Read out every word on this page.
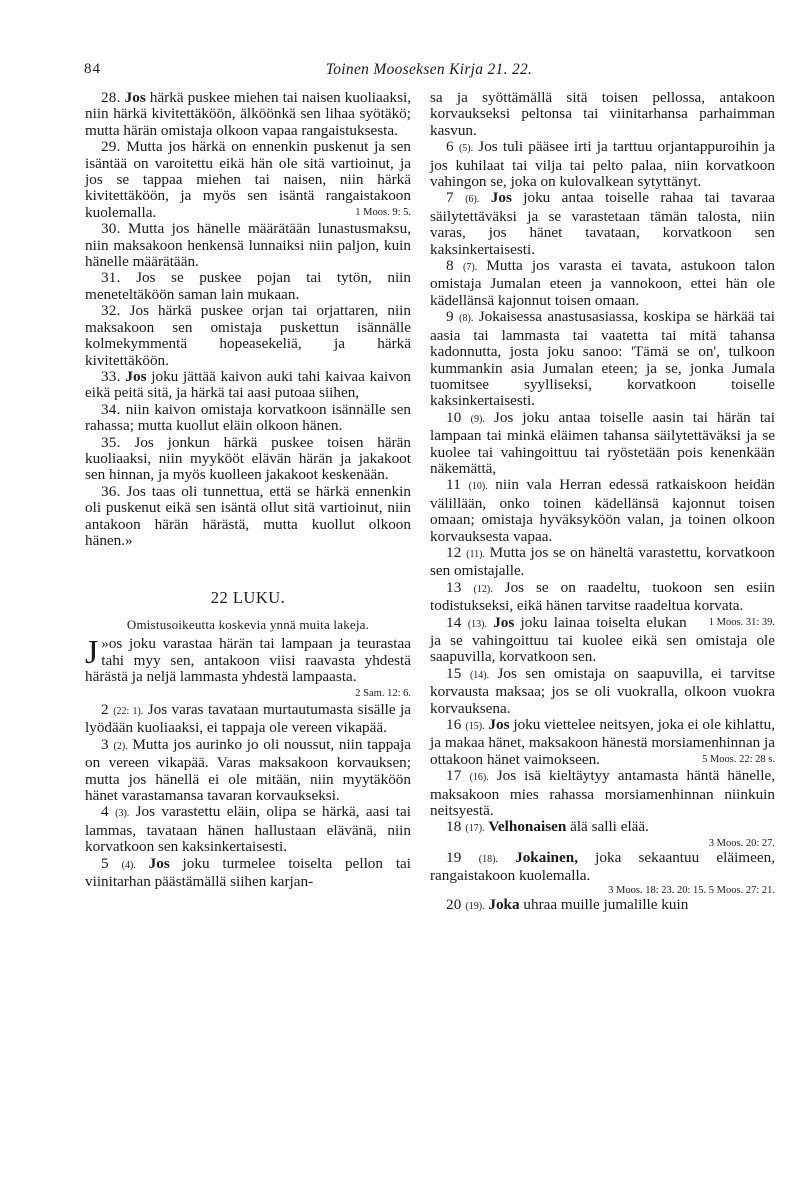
84	Toinen Mooseksen Kirja 21. 22.

28. Jos härkä puskee miehen tai naisen kuoliaaksi, niin härkä kivitettäköön, älköönkä sen lihaa syötäkö; mutta härän omistaja olkoon vapaa rangaistuksesta.

29. Mutta jos härkä on ennenkin puskenut ja sen isäntää on varoitettu eikä hän ole sitä vartioinut, ja jos se tappaa miehen tai naisen, niin härkä kivitettäköön, ja myös sen isäntä rangaistakoon kuolemalla.	1 Moos. 9: 5.

30. Mutta jos hänelle määrätään lunastusmaksu, niin maksakoon henkensä lunnaiksi niin paljon, kuin hänelle määrätään.

31. Jos se puskee pojan tai tytön, niin meneteltäköön saman lain mukaan.

32. Jos härkä puskee orjan tai orjattaren, niin maksakoon sen omistaja puskettun isännälle kolmekymmentä hopeasekeliä, ja härkä kivitettäköön.

33. Jos joku jättää kaivon auki tahi kaivaa kaivon eikä peitä sitä, ja härkä tai aasi putoaa siihen,

34. niin kaivon omistaja korvatkoon isännälle sen rahassa; mutta kuollut eläin olkoon hänen.

35. Jos jonkun härkä puskee toisen härän kuoliaaksi, niin myykööt elävän härän ja jakakoot sen hinnan, ja myös kuolleen jakakoot keskenään.

36. Jos taas oli tunnettua, että se härkä ennenkin oli puskenut eikä sen isäntä ollut sitä vartioinut, niin antakoon härän härästä, mutta kuollut olkoon hänen.»

22 LUKU.
Omistusoikeutta koskevia ynnä muita lakeja.

»
J os joku varastaa härän tai lampaan ja teurastaa tahi myy sen, antakoon viisi raavasta yhdestä härästä ja neljä lammasta yhdestä lampaasta.
2 Sam. 12: 6.

2 (22: 1). Jos varas tavataan murtautumasta sisälle ja lyödään kuoliaaksi, ei tappaja ole vereen vikapää.

3 (2). Mutta jos aurinko jo oli noussut, niin tappaja on vereen vikapää. Varas maksakoon korvauksen; mutta jos hänellä ei ole mitään, niin myytäköön hänet varastamansa tavaran korvaukseksi.

4 (3). Jos varastettu eläin, olipa se härkä, aasi tai lammas, tavataan hänen hallustaan elävänä, niin korvatkoon sen kaksinkertaisesti.

5 (4). Jos joku turmelee toiselta pellon tai viinitarhan päästämällä siihen karjan-

sa ja syöttämällä sitä toisen pellossa, antakoon korvaukseksi peltonsa tai viinitarhansa parhaimman kasvun.

6 (5). Jos tuli pääsee irti ja tarttuu orjantappuroihin ja jos kuhilaat tai vilja tai pelto palaa, niin korvatkoon vahingon se, joka on kulovalkean sytyttänyt.

7 (6). Jos joku antaa toiselle rahaa tai tavaraa säilytettäväksi ja se varastetaan tämän talosta, niin varas, jos hänet tavataan, korvatkoon sen kaksinkertaisesti.

8 (7). Mutta jos varasta ei tavata, astukoon talon omistaja Jumalan eteen ja vannokoon, ettei hän ole kädellänsä kajonnut toisen omaan.

9 (8). Jokaisessa anastusasiassa, koskipa se härkää tai aasia tai lammasta tai vaatetta tai mitä tahansa kadonnutta, josta joku sanoo: 'Tämä se on', tulkoon kummankin asia Jumalan eteen; ja se, jonka Jumala tuomitsee syylliseksi, korvatkoon toiselle kaksinkertaisesti.

10 (9). Jos joku antaa toiselle aasin tai härän tai lampaan tai minkä eläimen tahansa säilytettäväksi ja se kuolee tai vahingoittuu tai ryöstetään pois kenenkään näkemättä,

11 (10). niin vala Herran edessä ratkaiskoon heidän välillään, onko toinen kädellänsä kajonnut toisen omaan; omistaja hyväksyköön valan, ja toinen olkoon korvauksesta vapaa.

12 (11). Mutta jos se on häneltä varastettu, korvatkoon sen omistajalle.

13 (12). Jos se on raadeltu, tuokoon sen esiin todistukseksi, eikä hänen tarvitse raadeltua korvata.
1 Moos. 31: 39.

14 (13). Jos joku lainaa toiselta elukan ja se vahingoittuu tai kuolee eikä sen omistaja ole saapuvilla, korvatkoon sen.

15 (14). Jos sen omistaja on saapuvilla, ei tarvitse korvausta maksaa; jos se oli vuokralla, olkoon vuokra korvauksena.

16 (15). Jos joku viettelee neitsyen, joka ei ole kihlattu, ja makaa hänet, maksakoon hänestä morsiamenhinnan ja ottakoon hänet vaimokseen.	5 Moos. 22: 28 s.

17 (16). Jos isä kieltäytyy antamasta häntä hänelle, maksakoon mies rahassa morsiamenhinnan niinkuin neitsyestä.

18 (17). Velhonaisen älä salli elää.

3 Moos. 20: 27.

19 (18). Jokainen, joka sekaantuu eläimeen, rangaistakoon kuolemalla.

3 Moos. 18: 23. 20: 15. 5 Moos. 27: 21.

20 (19). Joka uhraa muille jumalille kuin
